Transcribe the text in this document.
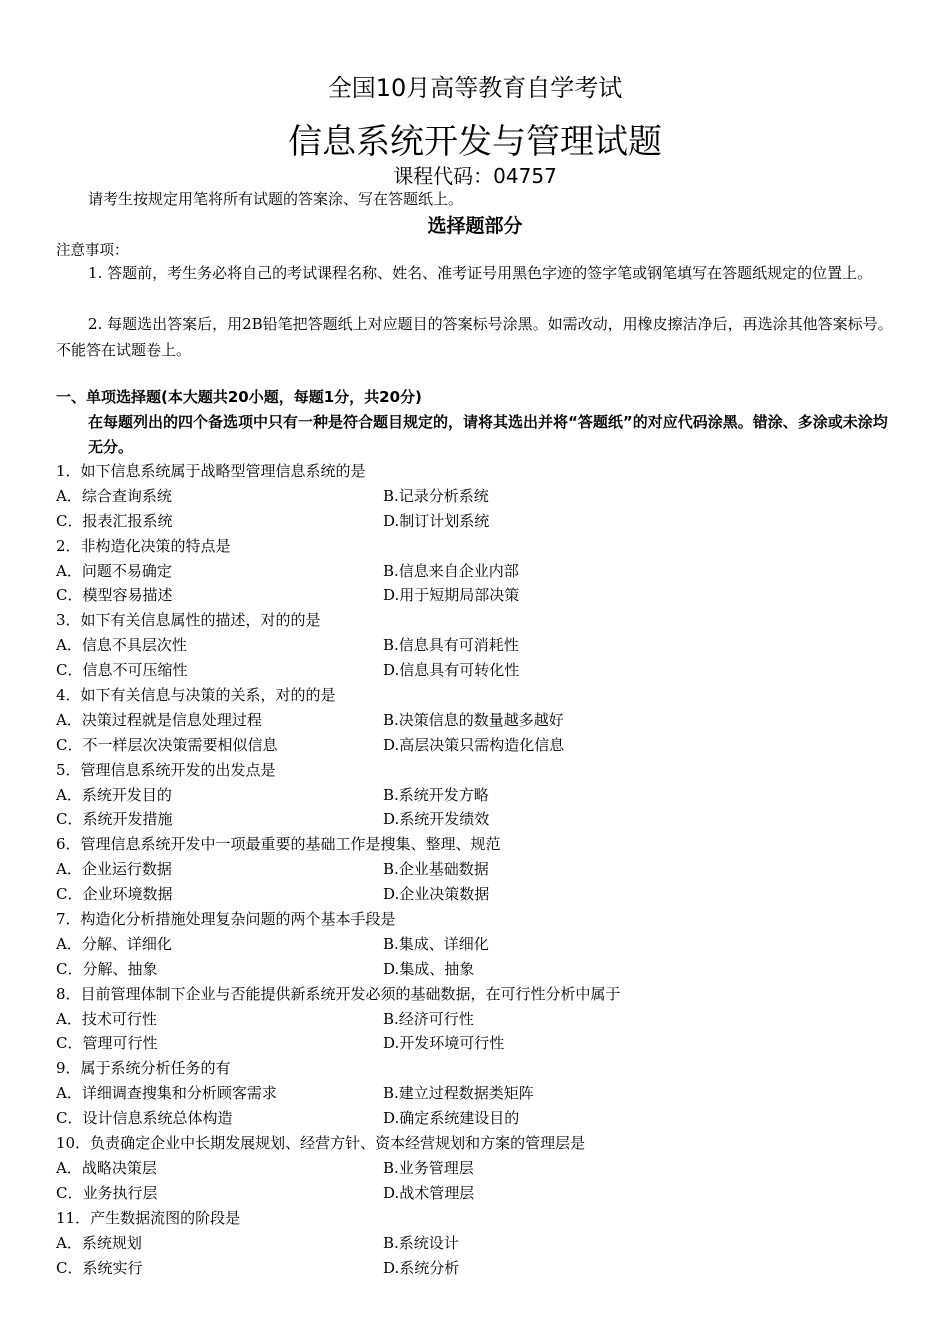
全国10月高等教育自学考试
信息系统开发与管理试题
课程代码：04757
请考生按规定用笔将所有试题的答案涂、写在答题纸上。
选择题部分
注意事项：
1. 答题前，考生务必将自己的考试课程名称、姓名、准考证号用黑色字迹的签字笔或钢笔填写在答题纸规定的位置上。
2. 每题选出答案后，用2B铅笔把答题纸上对应题目的答案标号涂黑。如需改动，用橡皮擦洁净后，再选涂其他答案标号。不能答在试题卷上。
一、单项选择题(本大题共20小题，每题1分，共20分)
在每题列出的四个备选项中只有一种是符合题目规定的，请将其选出并将“答题纸”的对应代码涂黑。错涂、多涂或未涂均无分。
1．如下信息系统属于战略型管理信息系统的是
A．综合查询系统	B.记录分析系统
C．报表汇报系统	D.制订计划系统
2．非构造化决策的特点是
A．问题不易确定	B.信息来自企业内部
C．模型容易描述	D.用于短期局部决策
3．如下有关信息属性的描述，对的的是
A．信息不具层次性	B.信息具有可消耗性
C．信息不可压缩性	D.信息具有可转化性
4．如下有关信息与决策的关系，对的的是
A．决策过程就是信息处理过程	B.决策信息的数量越多越好
C．不一样层次决策需要相似信息	D.高层决策只需构造化信息
5．管理信息系统开发的出发点是
A．系统开发目的	B.系统开发方略
C．系统开发措施	D.系统开发绩效
6．管理信息系统开发中一项最重要的基础工作是搜集、整理、规范
A．企业运行数据	B.企业基础数据
C．企业环境数据	D.企业决策数据
7．构造化分析措施处理复杂问题的两个基本手段是
A．分解、详细化	B.集成、详细化
C．分解、抽象	D.集成、抽象
8．目前管理体制下企业与否能提供新系统开发必须的基础数据，在可行性分析中属于
A．技术可行性	B.经济可行性
C．管理可行性	D.开发环境可行性
9．属于系统分析任务的有
A．详细调查搜集和分析顾客需求	B.建立过程数据类矩阵
C．设计信息系统总体构造	D.确定系统建设目的
10．负责确定企业中长期发展规划、经营方针、资本经营规划和方案的管理层是
A．战略决策层	B.业务管理层
C．业务执行层	D.战术管理层
11．产生数据流图的阶段是
A．系统规划	B.系统设计
C．系统实行	D.系统分析
